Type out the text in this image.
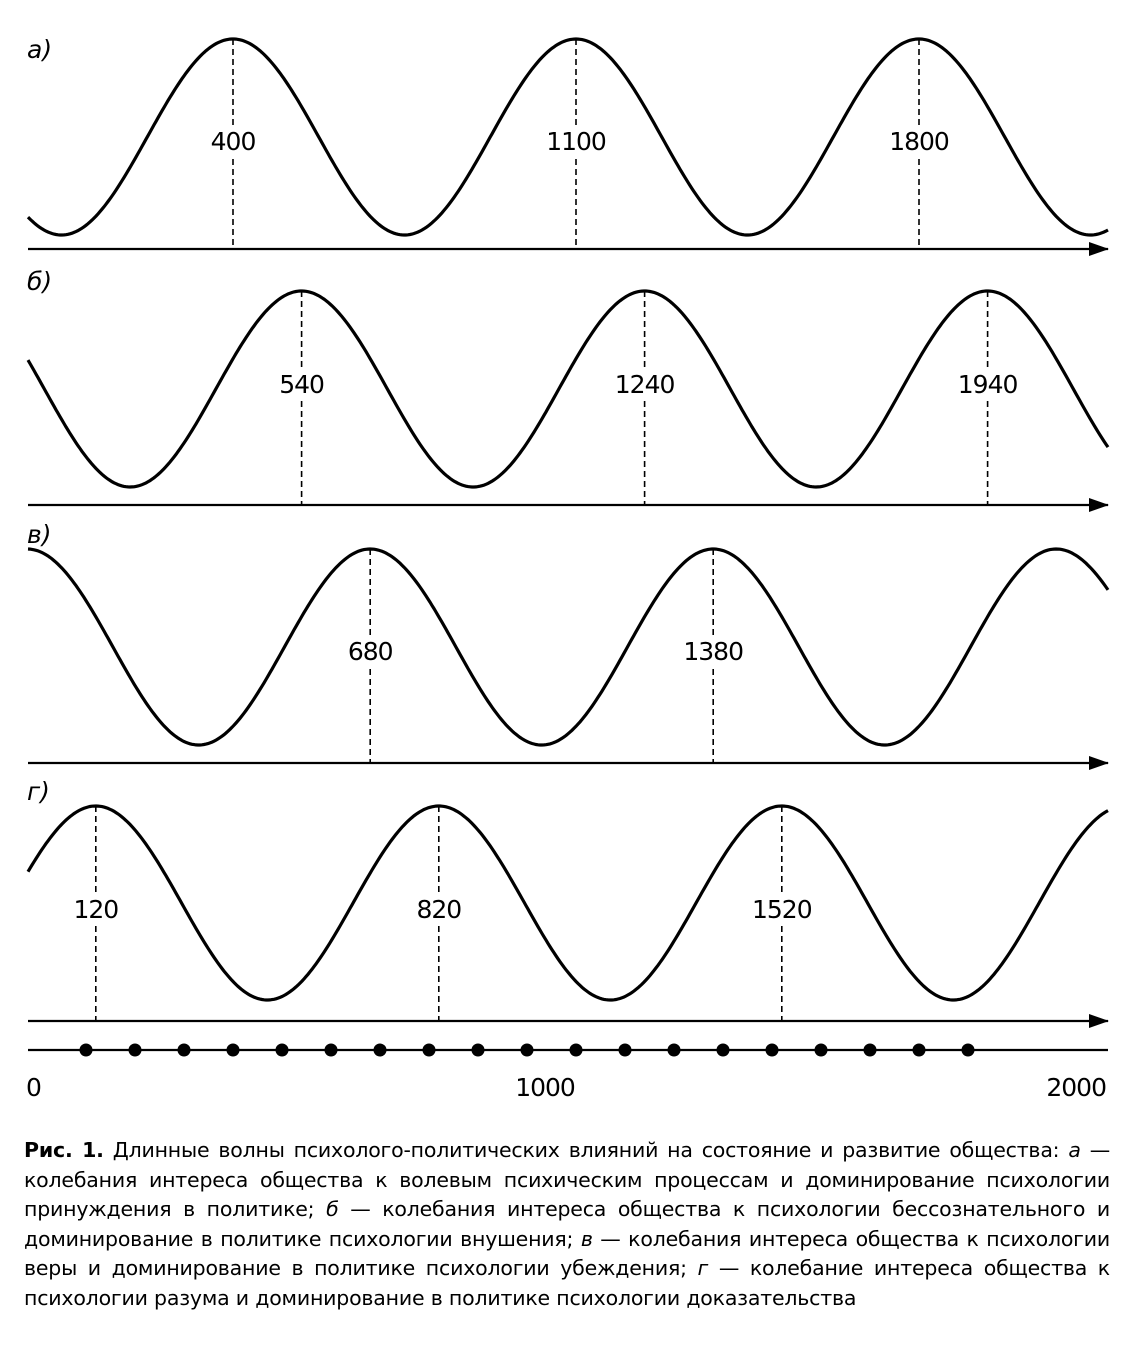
а)
400	1100	1800
б)
540	1240	1940
в)
680	1380
г)
120	820	1520
0	1000	2000
Рис. 1. Длинные волны психолого-политических влияний на состояние и развитие общества: а — колебания интереса общества к волевым психическим процессам и доминирование психологии принуждения в политике; б — колебания интереса общества к психологии бессознательного и доминирование в политике психологии внушения; в — колебания интереса общества к психологии веры и доминирование в политике психологии убеждения; г — колебание интереса общества к психологии разума и доминирование в политике психологии доказательства
